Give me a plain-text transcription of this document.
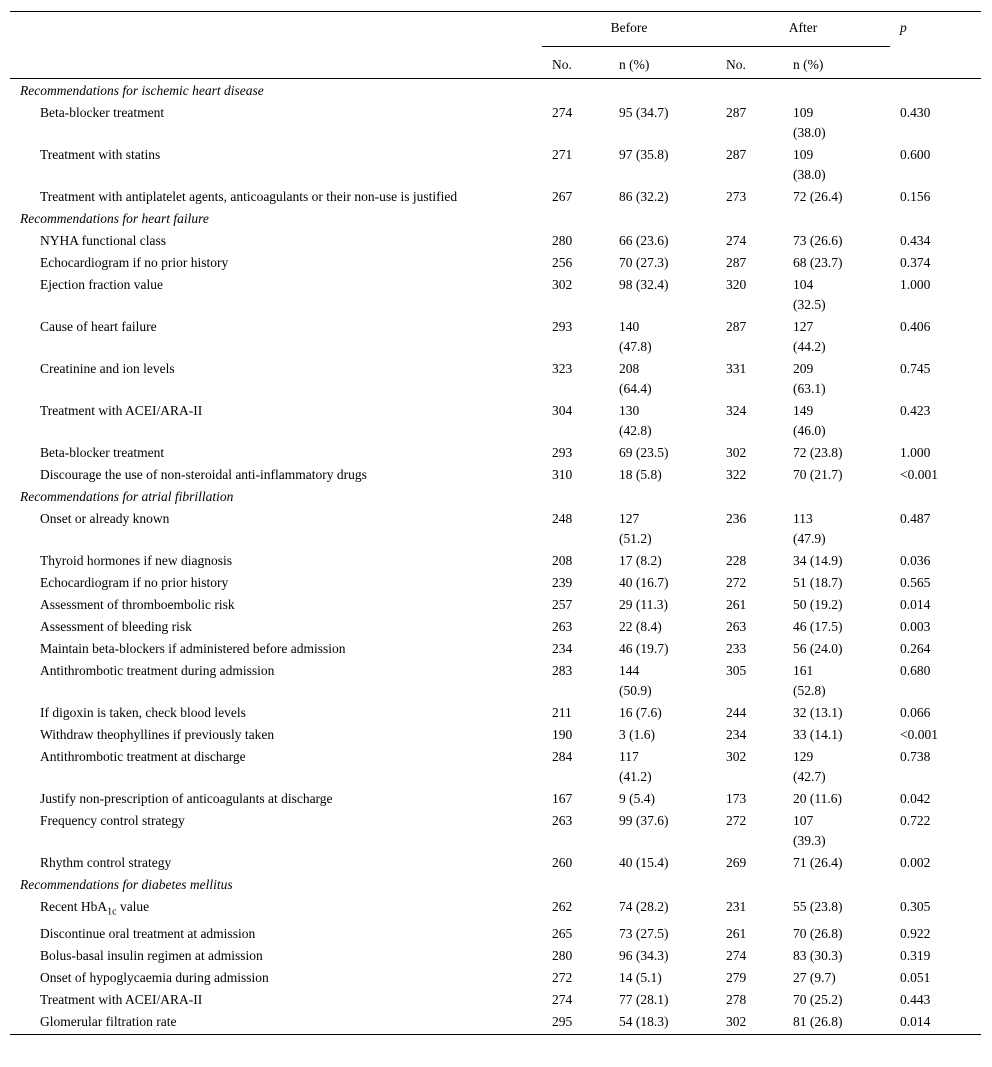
	Before		After		p
	No.	n (%)	No.	n (%)	
Recommendations for ischemic heart disease					
Beta-blocker treatment	274	95 (34.7)	287	109 (38.0)	0.430
Treatment with statins	271	97 (35.8)	287	109 (38.0)	0.600
Treatment with antiplatelet agents, anticoagulants or their non-use is justified	267	86 (32.2)	273	72 (26.4)	0.156
Recommendations for heart failure					
NYHA functional class	280	66 (23.6)	274	73 (26.6)	0.434
Echocardiogram if no prior history	256	70 (27.3)	287	68 (23.7)	0.374
Ejection fraction value	302	98 (32.4)	320	104 (32.5)	1.000
Cause of heart failure	293	140 (47.8)	287	127 (44.2)	0.406
Creatinine and ion levels	323	208 (64.4)	331	209 (63.1)	0.745
Treatment with ACEI/ARA-II	304	130 (42.8)	324	149 (46.0)	0.423
Beta-blocker treatment	293	69 (23.5)	302	72 (23.8)	1.000
Discourage the use of non-steroidal anti-inflammatory drugs	310	18 (5.8)	322	70 (21.7)	<0.001
Recommendations for atrial fibrillation					
Onset or already known	248	127 (51.2)	236	113 (47.9)	0.487
Thyroid hormones if new diagnosis	208	17 (8.2)	228	34 (14.9)	0.036
Echocardiogram if no prior history	239	40 (16.7)	272	51 (18.7)	0.565
Assessment of thromboembolic risk	257	29 (11.3)	261	50 (19.2)	0.014
Assessment of bleeding risk	263	22 (8.4)	263	46 (17.5)	0.003
Maintain beta-blockers if administered before admission	234	46 (19.7)	233	56 (24.0)	0.264
Antithrombotic treatment during admission	283	144 (50.9)	305	161 (52.8)	0.680
If digoxin is taken, check blood levels	211	16 (7.6)	244	32 (13.1)	0.066
Withdraw theophyllines if previously taken	190	3 (1.6)	234	33 (14.1)	<0.001
Antithrombotic treatment at discharge	284	117 (41.2)	302	129 (42.7)	0.738
Justify non-prescription of anticoagulants at discharge	167	9 (5.4)	173	20 (11.6)	0.042
Frequency control strategy	263	99 (37.6)	272	107 (39.3)	0.722
Rhythm control strategy	260	40 (15.4)	269	71 (26.4)	0.002
Recommendations for diabetes mellitus					
Recent HbA$_{1c}$ value	262	74 (28.2)	231	55 (23.8)	0.305
Discontinue oral treatment at admission	265	73 (27.5)	261	70 (26.8)	0.922
Bolus-basal insulin regimen at admission	280	96 (34.3)	274	83 (30.3)	0.319
Onset of hypoglycaemia during admission	272	14 (5.1)	279	27 (9.7)	0.051
Treatment with ACEI/ARA-II	274	77 (28.1)	278	70 (25.2)	0.443
Glomerular filtration rate	295	54 (18.3)	302	81 (26.8)	0.014
